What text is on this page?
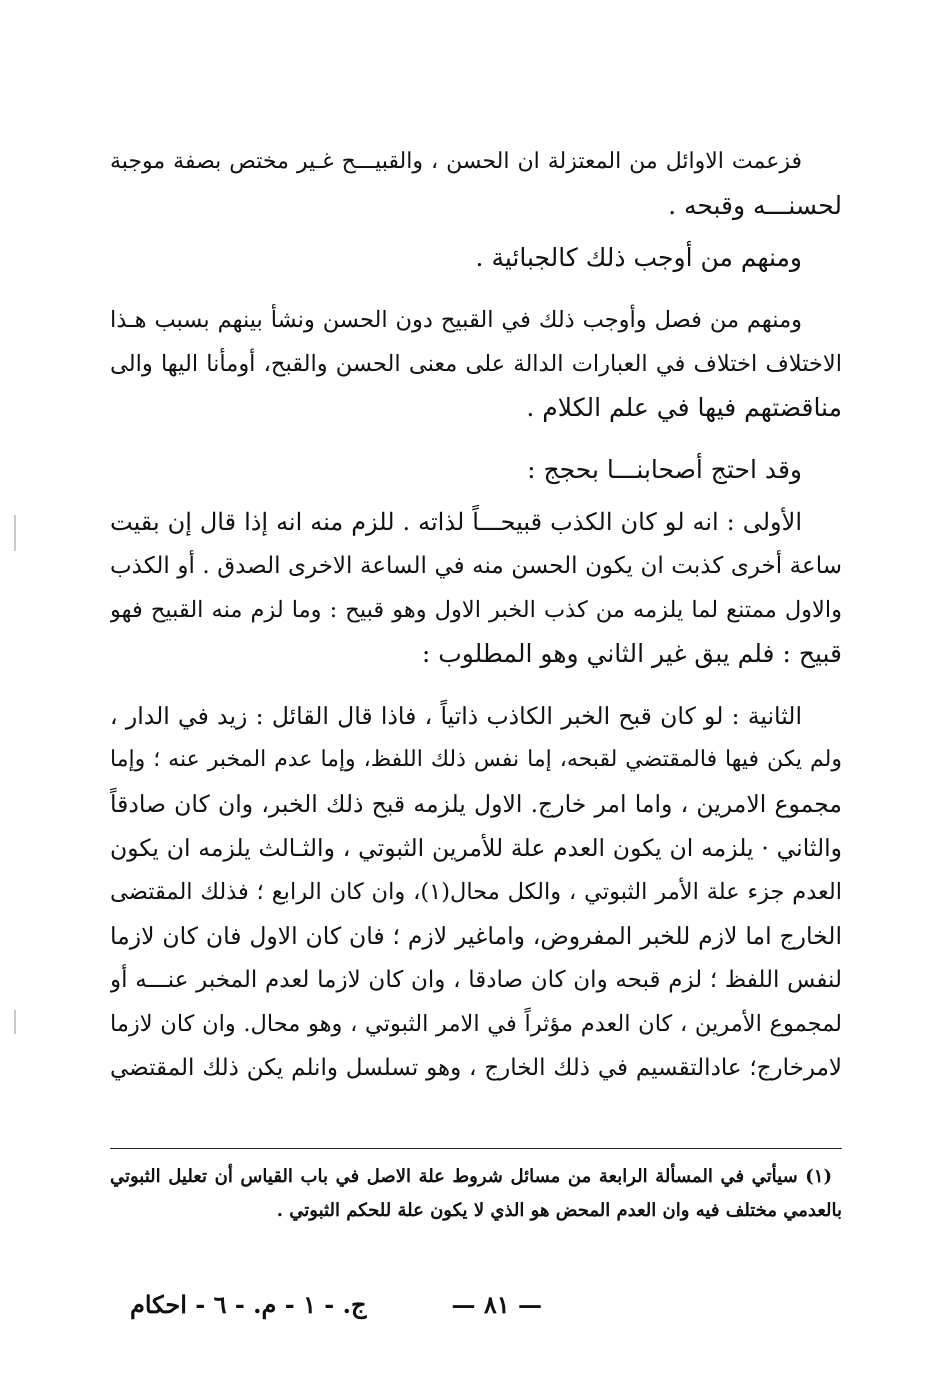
فزعمت الاوائل من المعتزلة ان الحسن ، والقبيـــح غـير مختص بصفة موجبة
لحسنـــه وقبحه .
ومنهم من أوجب ذلك كالجبائية .
ومنهم من فصل وأوجب ذلك في القبيح دون الحسن ونشأ بينهم بسبب هـذا
الاختلاف اختلاف في العبارات الدالة على معنى الحسن والقبح، أومأنا اليها والى
مناقضتهم فيها في علم الكلام .
وقد احتج أصحابنـــا بحجج :
الأولى : انه لو كان الكذب قبيحـــاً لذاته . للزم منه انه إذا قال إن بقيت
ساعة أخرى كذبت ان يكون الحسن منه في الساعة الاخرى الصدق . أو الكذب
والاول ممتنع لما يلزمه من كذب الخبر الاول وهو قبيح : وما لزم منه القبيح فهو
قبيح : فلم يبق غير الثاني وهو المطلوب :
الثانية : لو كان قبح الخبر الكاذب ذاتياً ، فاذا قال القائل : زيد في الدار ،
ولم يكن فيها فالمقتضي لقبحه، إما نفس ذلك اللفظ، وإما عدم المخبر عنه ؛ وإما
مجموع الامرين ، واما امر خارج. الاول يلزمه قبح ذلك الخبر، وان كان صادقاً
والثاني · يلزمه ان يكون العدم علة للأمرين الثبوتي ، والثـالث يلزمه ان يكون
العدم جزء علة الأمر الثبوتي ، والكل محال(١)، وان كان الرابع ؛ فذلك المقتضى
الخارج اما لازم للخبر المفروض، واماغير لازم ؛ فان كان الاول فان كان لازما
لنفس اللفظ ؛ لزم قبحه وان كان صادقا ، وان كان لازما لعدم المخبر عنـــه أو
لمجموع الأمرين ، كان العدم مؤثراً في الامر الثبوتي ، وهو محال. وان كان لازما
لامرخارج؛ عادالتقسيم في ذلك الخارج ، وهو تسلسل وانلم يكن ذلك المقتضي
(١) سيأتي في المسألة الرابعة من مسائل شروط علة الاصل في باب القياس أن تعليل الثبوتي
بالعدمي مختلف فيه وان العدم المحض هو الذي لا يكون علة للحكم الثبوتي .
— ٨١ —
ج. - ١ - م. - ٦ - احكام
